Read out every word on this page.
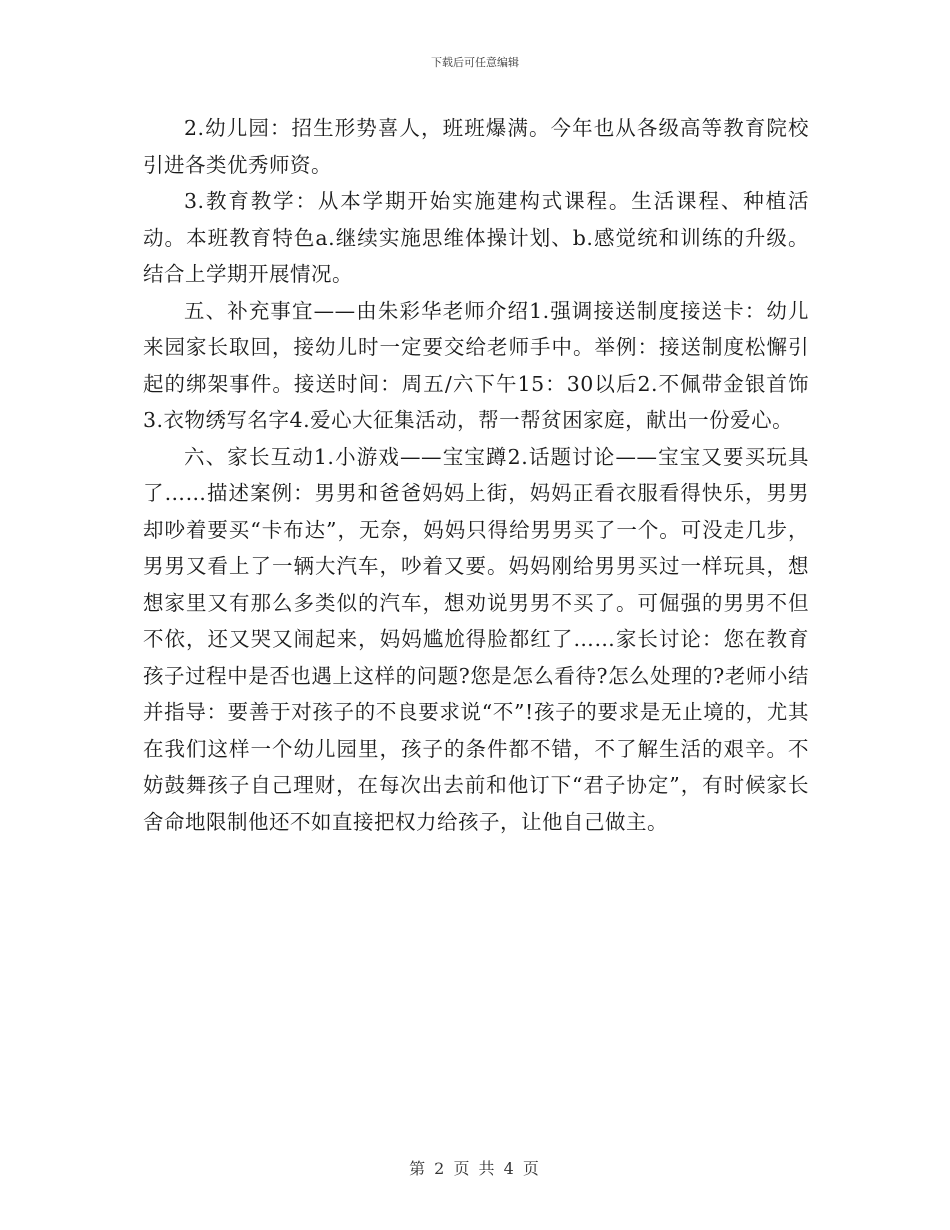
下载后可任意编辑

2.幼儿园：招生形势喜人，班班爆满。今年也从各级高等教育院校引进各类优秀师资。

3.教育教学：从本学期开始实施建构式课程。生活课程、种植活动。本班教育特色a.继续实施思维体操计划、b.感觉统和训练的升级。结合上学期开展情况。

五、补充事宜——由朱彩华老师介绍1.强调接送制度接送卡：幼儿来园家长取回，接幼儿时一定要交给老师手中。举例：接送制度松懈引起的绑架事件。接送时间：周五/六下午15：30以后2.不佩带金银首饰3.衣物绣写名字4.爱心大征集活动，帮一帮贫困家庭，献出一份爱心。

六、家长互动1.小游戏——宝宝蹲2.话题讨论——宝宝又要买玩具了……描述案例：男男和爸爸妈妈上街，妈妈正看衣服看得快乐，男男却吵着要买“卡布达”，无奈，妈妈只得给男男买了一个。可没走几步，男男又看上了一辆大汽车，吵着又要。妈妈刚给男男买过一样玩具，想想家里又有那么多类似的汽车，想劝说男男不买了。可倔强的男男不但不依，还又哭又闹起来，妈妈尴尬得脸都红了……家长讨论：您在教育孩子过程中是否也遇上这样的问题?您是怎么看待?怎么处理的?老师小结并指导：要善于对孩子的不良要求说“不”!孩子的要求是无止境的，尤其在我们这样一个幼儿园里，孩子的条件都不错，不了解生活的艰辛。不妨鼓舞孩子自己理财，在每次出去前和他订下“君子协定”，有时候家长舍命地限制他还不如直接把权力给孩子，让他自己做主。

第 2 页 共 4 页
